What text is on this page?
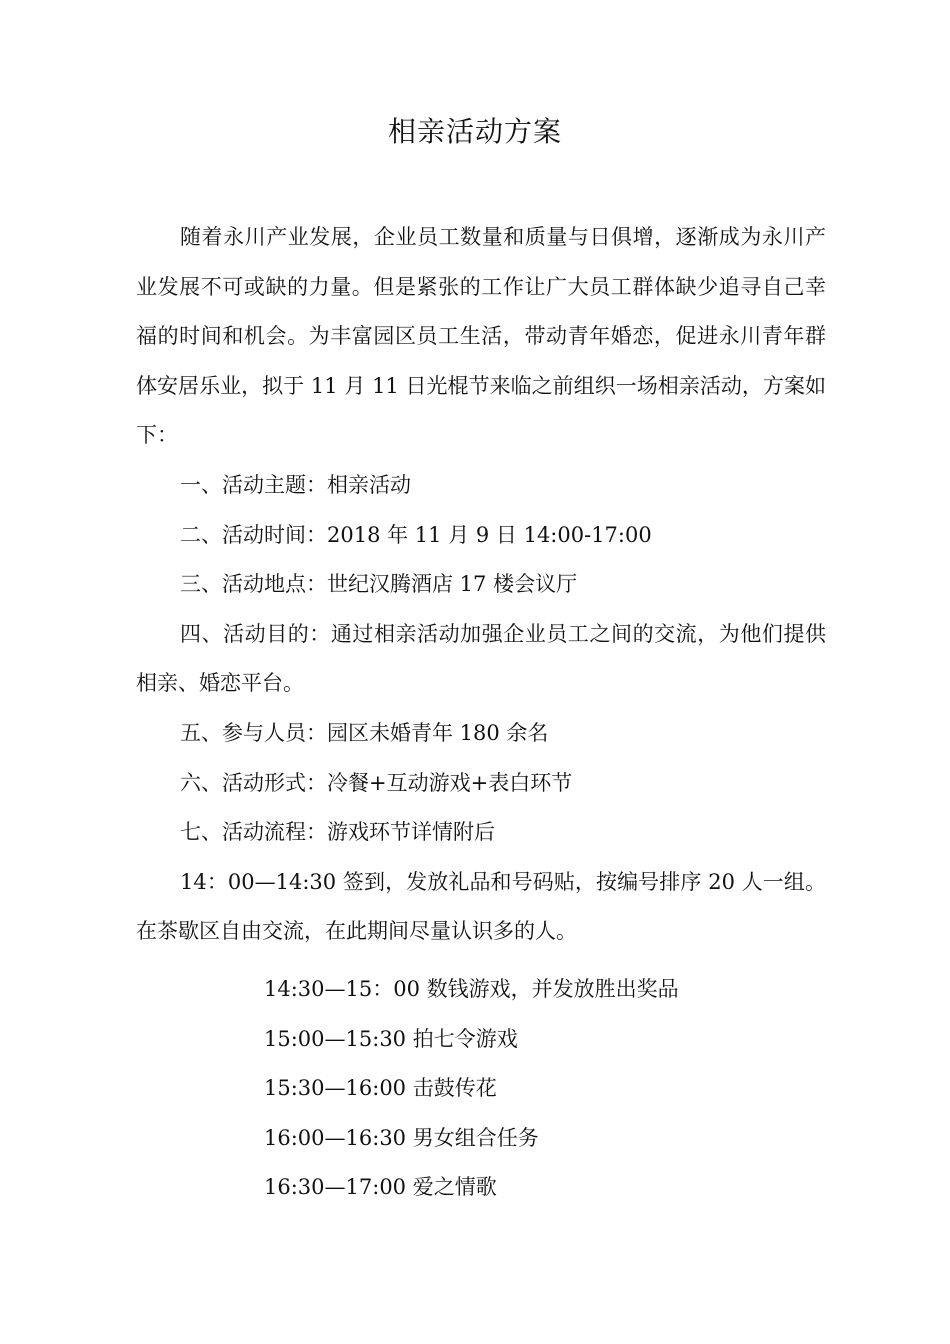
相亲活动方案

随着永川产业发展，企业员工数量和质量与日俱增，逐渐成为永川产业发展不可或缺的力量。但是紧张的工作让广大员工群体缺少追寻自己幸福的时间和机会。为丰富园区员工生活，带动青年婚恋，促进永川青年群体安居乐业，拟于 11 月 11 日光棍节来临之前组织一场相亲活动，方案如下：

一、活动主题：相亲活动

二、活动时间：2018 年 11 月 9 日 14:00-17:00

三、活动地点：世纪汉腾酒店 17 楼会议厅

四、活动目的：通过相亲活动加强企业员工之间的交流，为他们提供相亲、婚恋平台。

五、参与人员：园区未婚青年 180 余名

六、活动形式：冷餐+互动游戏+表白环节

七、活动流程：游戏环节详情附后

14：00—14:30 签到，发放礼品和号码贴，按编号排序 20 人一组。在茶歇区自由交流，在此期间尽量认识多的人。

14:30—15：00 数钱游戏，并发放胜出奖品
15:00—15:30 拍七令游戏
15:30—16:00 击鼓传花
16:00—16:30 男女组合任务
16:30—17:00 爱之情歌
